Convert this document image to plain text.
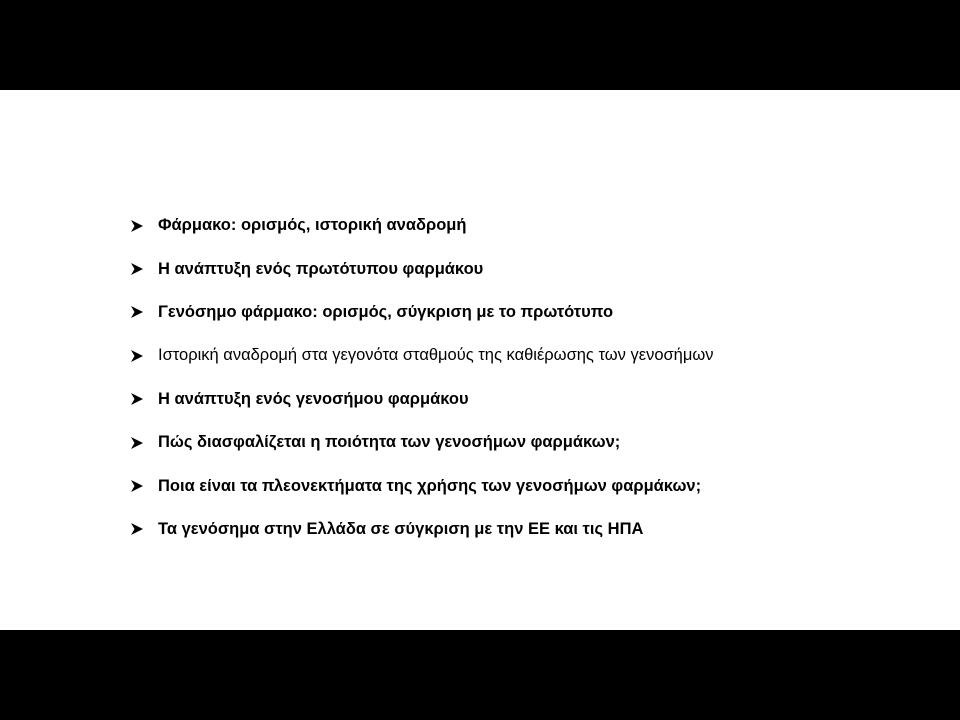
Φάρμακο: ορισμός, ιστορική αναδρομή
Η ανάπτυξη ενός πρωτότυπου φαρμάκου
Γενόσημο φάρμακο: ορισμός, σύγκριση με το πρωτότυπο
Ιστορική αναδρομή στα γεγονότα σταθμούς της καθιέρωσης των γενοσήμων
Η ανάπτυξη ενός γενοσήμου φαρμάκου
Πώς διασφαλίζεται η ποιότητα των γενοσήμων φαρμάκων;
Ποια είναι τα πλεονεκτήματα της χρήσης των γενοσήμων φαρμάκων;
Τα γενόσημα στην Ελλάδα σε σύγκριση με την ΕΕ και τις ΗΠΑ
